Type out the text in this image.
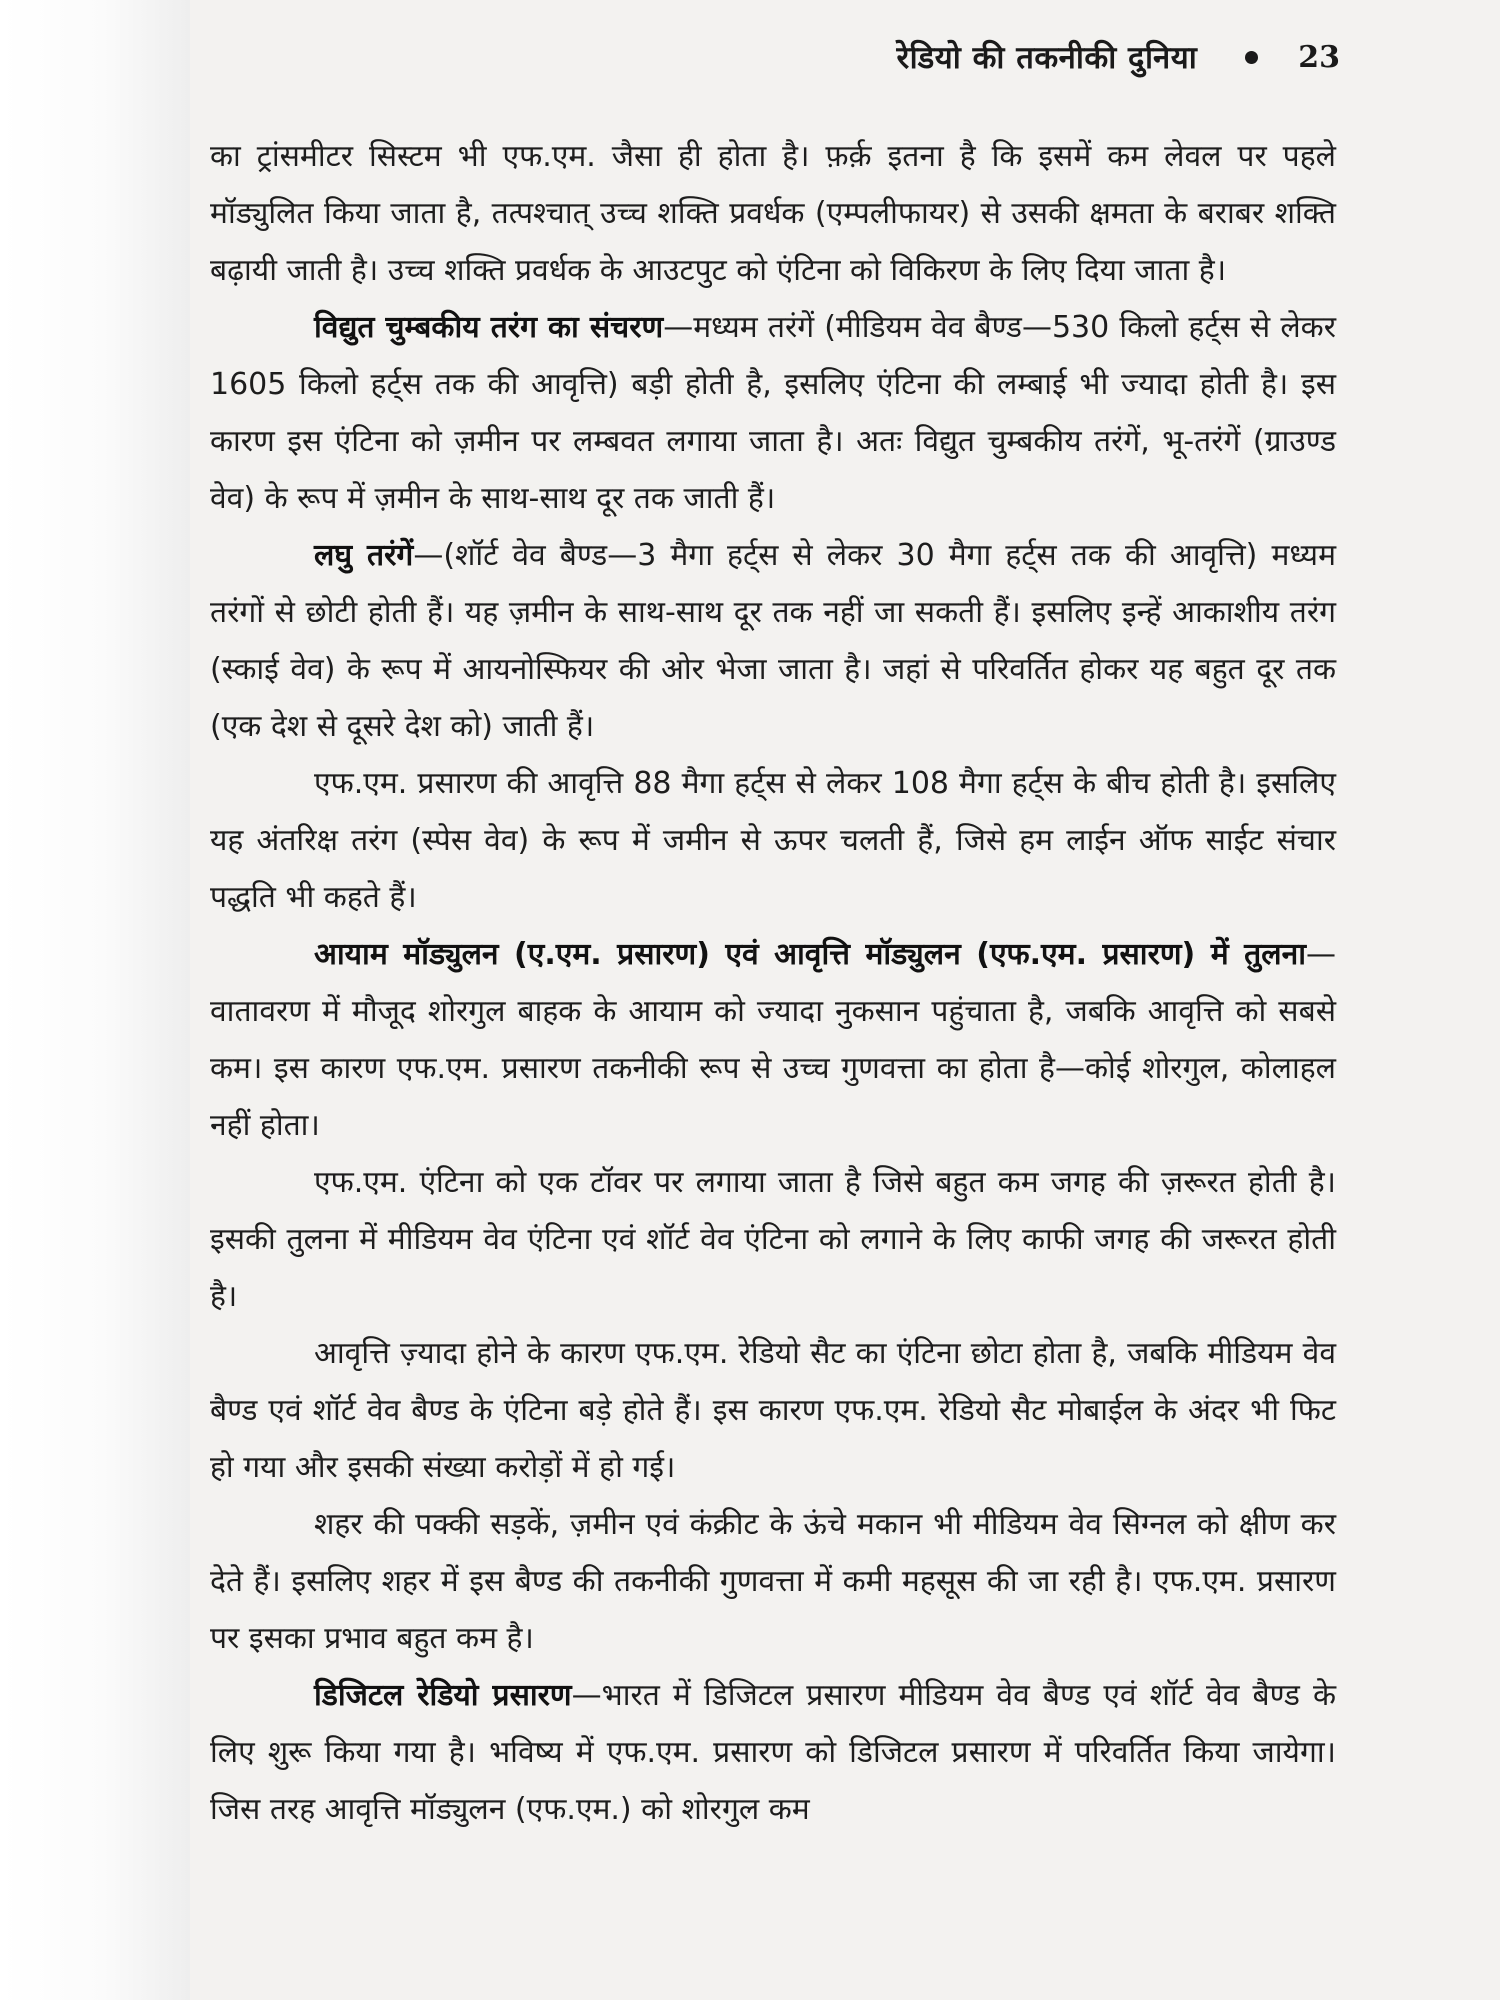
रेडियो की तकनीकी दुनिया	23

का ट्रांसमीटर सिस्टम भी एफ.एम. जैसा ही होता है। फ़र्क़ इतना है कि इसमें कम लेवल पर पहले मॉड्युलित किया जाता है, तत्पश्चात् उच्च शक्ति प्रवर्धक (एम्पलीफायर) से उसकी क्षमता के बराबर शक्ति बढ़ायी जाती है। उच्च शक्ति प्रवर्धक के आउटपुट को एंटिना को विकिरण के लिए दिया जाता है।

विद्युत चुम्बकीय तरंग का संचरण—मध्यम तरंगें (मीडियम वेव बैण्ड—530 किलो हर्ट्स से लेकर 1605 किलो हर्ट्स तक की आवृत्ति) बड़ी होती है, इसलिए एंटिना की लम्बाई भी ज्यादा होती है। इस कारण इस एंटिना को ज़मीन पर लम्बवत लगाया जाता है। अतः विद्युत चुम्बकीय तरंगें, भू-तरंगें (ग्राउण्ड वेव) के रूप में ज़मीन के साथ-साथ दूर तक जाती हैं।

लघु तरंगें—(शॉर्ट वेव बैण्ड—3 मैगा हर्ट्स से लेकर 30 मैगा हर्ट्स तक की आवृत्ति) मध्यम तरंगों से छोटी होती हैं। यह ज़मीन के साथ-साथ दूर तक नहीं जा सकती हैं। इसलिए इन्हें आकाशीय तरंग (स्काई वेव) के रूप में आयनोस्फियर की ओर भेजा जाता है। जहां से परिवर्तित होकर यह बहुत दूर तक (एक देश से दूसरे देश को) जाती हैं।

एफ.एम. प्रसारण की आवृत्ति 88 मैगा हर्ट्स से लेकर 108 मैगा हर्ट्स के बीच होती है। इसलिए यह अंतरिक्ष तरंग (स्पेस वेव) के रूप में जमीन से ऊपर चलती हैं, जिसे हम लाईन ऑफ साईट संचार पद्धति भी कहते हैं।

आयाम मॉड्युलन (ए.एम. प्रसारण) एवं आवृत्ति मॉड्युलन (एफ.एम. प्रसारण) में तुलना—वातावरण में मौजूद शोरगुल बाहक के आयाम को ज्यादा नुकसान पहुंचाता है, जबकि आवृत्ति को सबसे कम। इस कारण एफ.एम. प्रसारण तकनीकी रूप से उच्च गुणवत्ता का होता है—कोई शोरगुल, कोलाहल नहीं होता।

एफ.एम. एंटिना को एक टॉवर पर लगाया जाता है जिसे बहुत कम जगह की ज़रूरत होती है। इसकी तुलना में मीडियम वेव एंटिना एवं शॉर्ट वेव एंटिना को लगाने के लिए काफी जगह की जरूरत होती है।

आवृत्ति ज़्यादा होने के कारण एफ.एम. रेडियो सैट का एंटिना छोटा होता है, जबकि मीडियम वेव बैण्ड एवं शॉर्ट वेव बैण्ड के एंटिना बड़े होते हैं। इस कारण एफ.एम. रेडियो सैट मोबाईल के अंदर भी फिट हो गया और इसकी संख्या करोड़ों में हो गई।

शहर की पक्की सड़कें, ज़मीन एवं कंक्रीट के ऊंचे मकान भी मीडियम वेव सिग्नल को क्षीण कर देते हैं। इसलिए शहर में इस बैण्ड की तकनीकी गुणवत्ता में कमी महसूस की जा रही है। एफ.एम. प्रसारण पर इसका प्रभाव बहुत कम है।

डिजिटल रेडियो प्रसारण—भारत में डिजिटल प्रसारण मीडियम वेव बैण्ड एवं शॉर्ट वेव बैण्ड के लिए शुरू किया गया है। भविष्य में एफ.एम. प्रसारण को डिजिटल प्रसारण में परिवर्तित किया जायेगा। जिस तरह आवृत्ति मॉड्युलन (एफ.एम.) को शोरगुल कम
